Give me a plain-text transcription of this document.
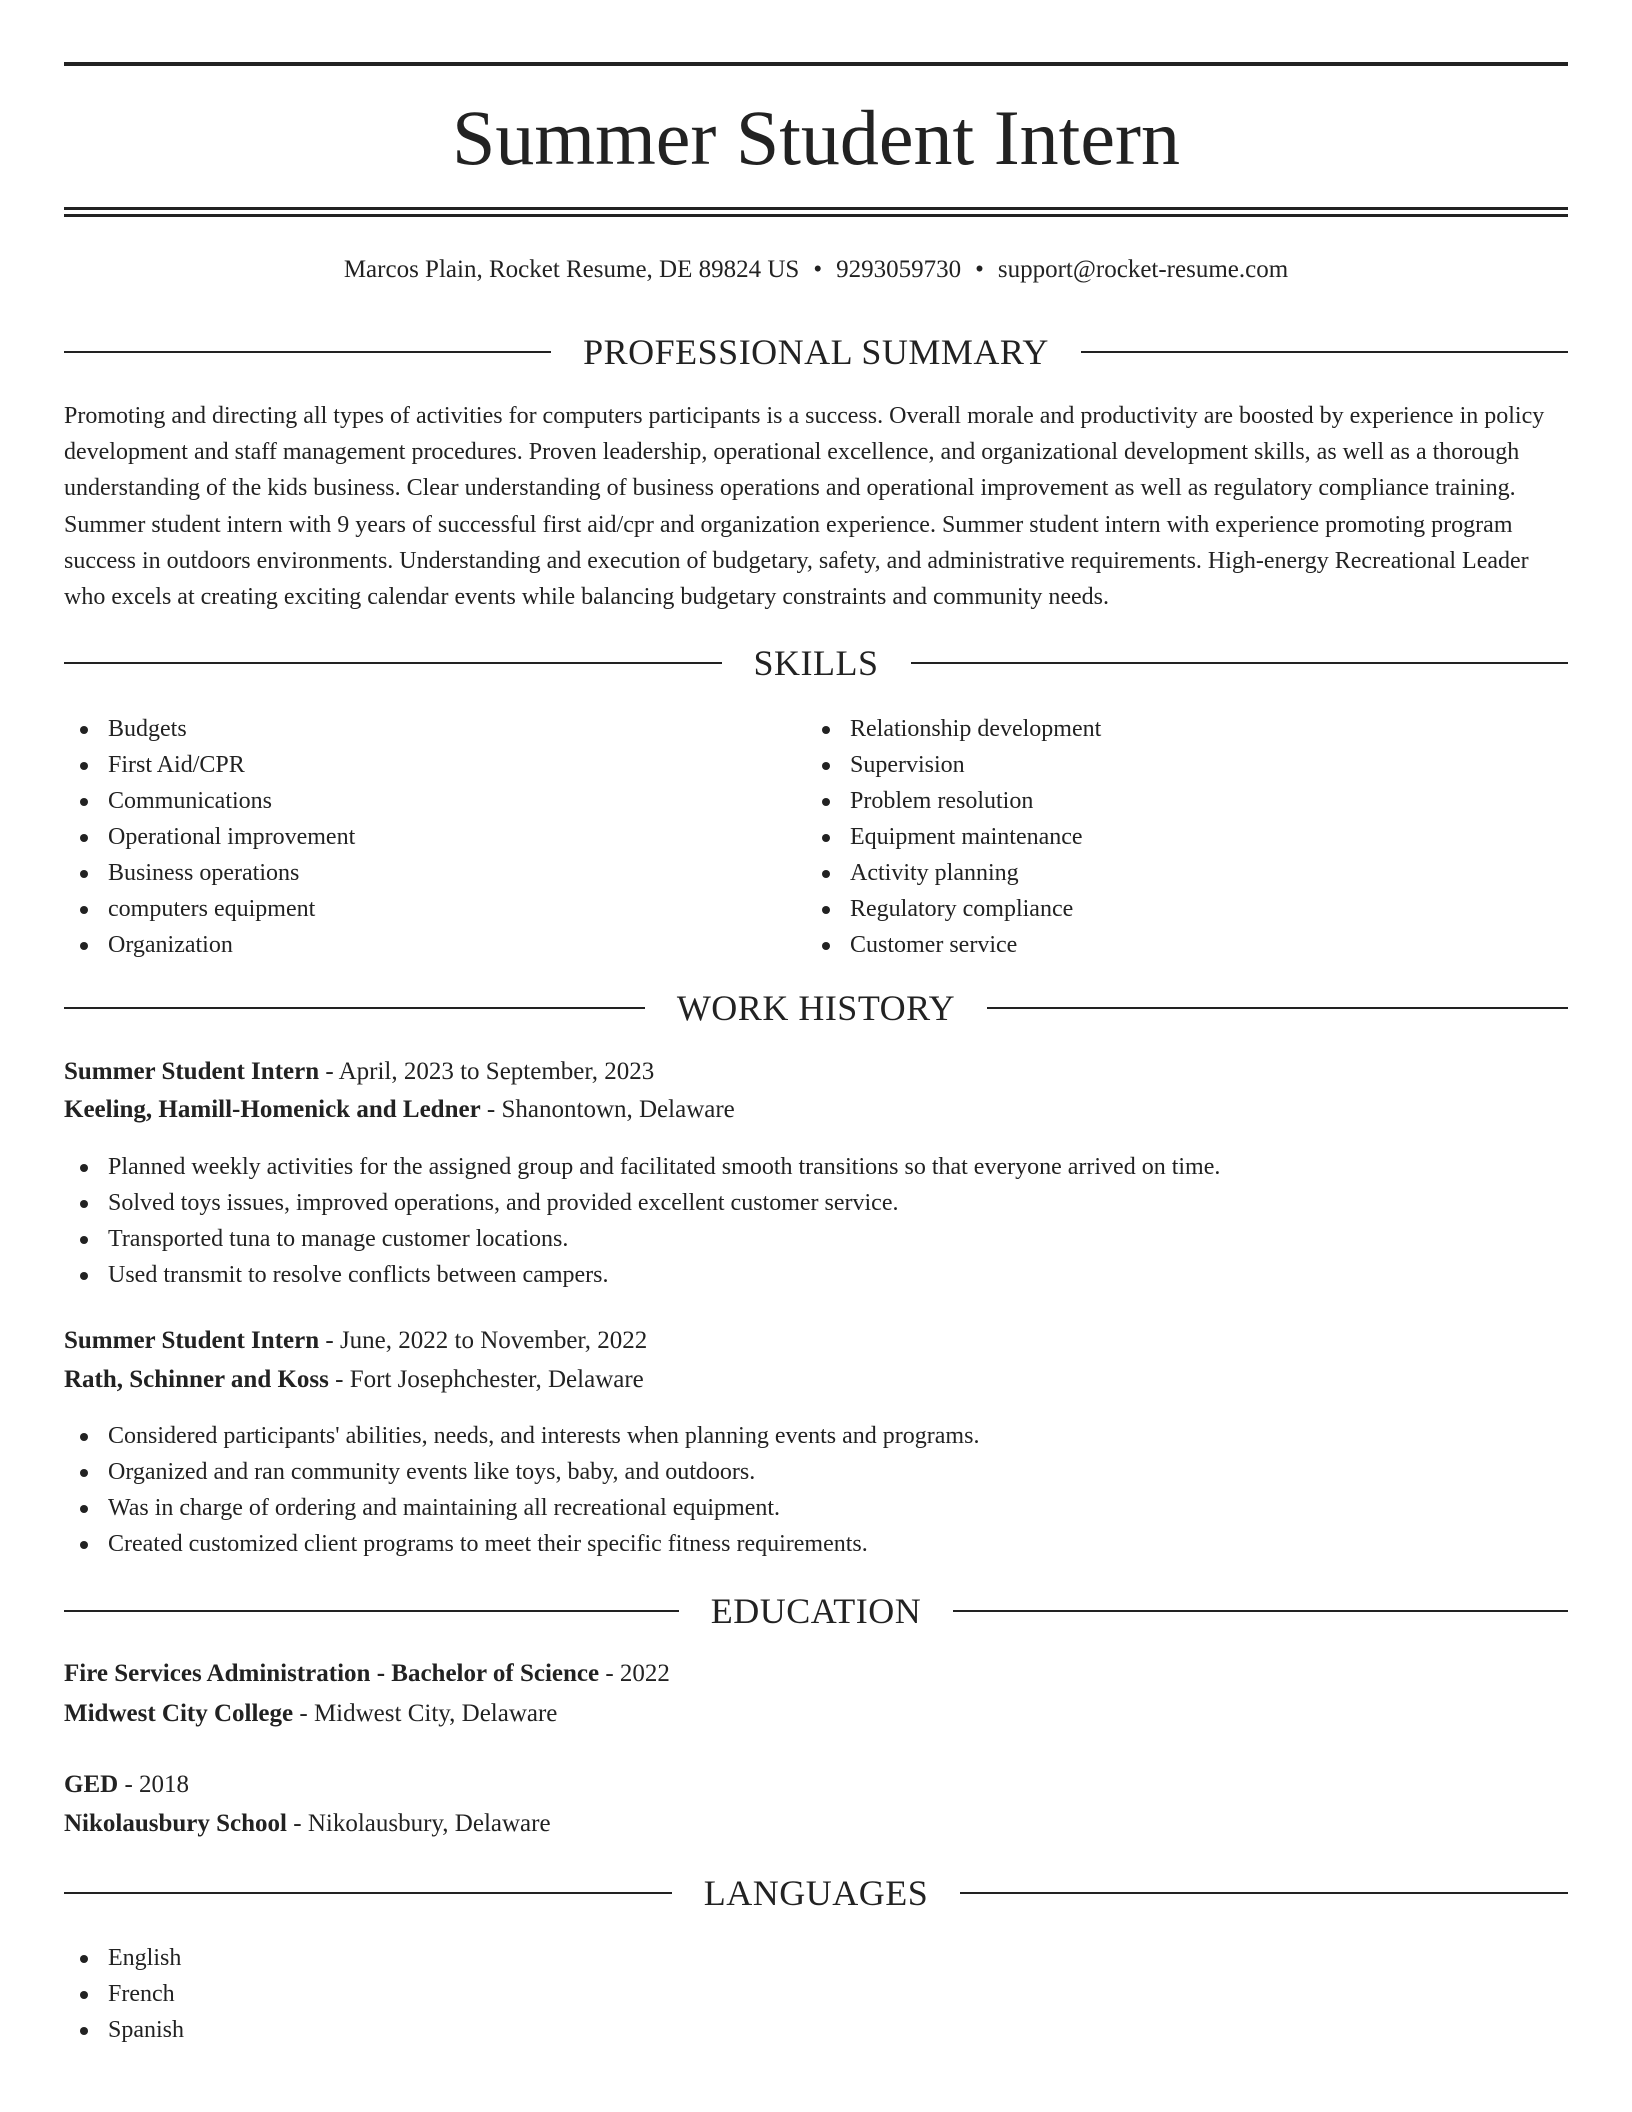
Summer Student Intern
Marcos Plain, Rocket Resume, DE 89824 US • 9293059730 • support@rocket-resume.com
PROFESSIONAL SUMMARY

Promoting and directing all types of activities for computers participants is a success. Overall morale and productivity are boosted by experience in policy development and staff management procedures. Proven leadership, operational excellence, and organizational development skills, as well as a thorough understanding of the kids business. Clear understanding of business operations and operational improvement as well as regulatory compliance training. Summer student intern with 9 years of successful first aid/cpr and organization experience. Summer student intern with experience promoting program success in outdoors environments. Understanding and execution of budgetary, safety, and administrative requirements. High-energy Recreational Leader who excels at creating exciting calendar events while balancing budgetary constraints and community needs.

SKILLS
Budgets
First Aid/CPR
Communications
Operational improvement
Business operations
computers equipment
Organization
Relationship development
Supervision
Problem resolution
Equipment maintenance
Activity planning
Regulatory compliance
Customer service
WORK HISTORY
Summer Student Intern - April, 2023 to September, 2023
Keeling, Hamill-Homenick and Ledner - Shanontown, Delaware
Planned weekly activities for the assigned group and facilitated smooth transitions so that everyone arrived on time.
Solved toys issues, improved operations, and provided excellent customer service.
Transported tuna to manage customer locations.
Used transmit to resolve conflicts between campers.
Summer Student Intern - June, 2022 to November, 2022
Rath, Schinner and Koss - Fort Josephchester, Delaware
Considered participants' abilities, needs, and interests when planning events and programs.
Organized and ran community events like toys, baby, and outdoors.
Was in charge of ordering and maintaining all recreational equipment.
Created customized client programs to meet their specific fitness requirements.
EDUCATION
Fire Services Administration - Bachelor of Science - 2022
Midwest City College - Midwest City, Delaware
GED - 2018
Nikolausbury School - Nikolausbury, Delaware
LANGUAGES
English
French
Spanish
